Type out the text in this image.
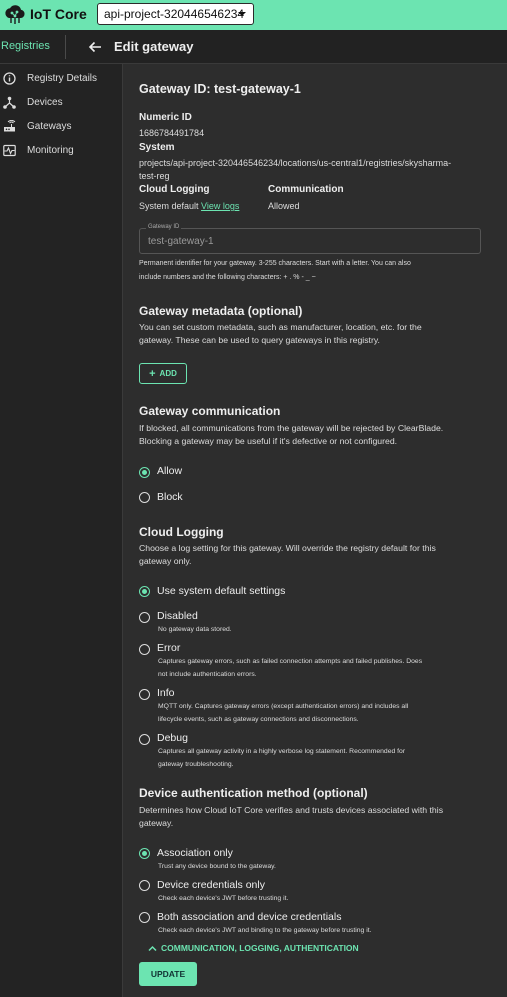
IoT Core api-project-320446546234
Registries	Edit gateway
Registry Details
Devices
Gateways
Monitoring
Gateway ID: test-gateway-1
Numeric ID
1686784491784
System
projects/api-project-320446546234/locations/us-central1/registries/skysharma-
test-reg
Cloud Logging
System default View logs
Communication
Allowed
Gateway ID
test-gateway-1
Permanent identifier for your gateway. 3-255 characters. Start with a letter. You can also
include numbers and the following characters: + . % - _ ~
Gateway metadata (optional)
You can set custom metadata, such as manufacturer, location, etc. for the
gateway. These can be used to query gateways in this registry.
+ ADD
Gateway communication
If blocked, all communications from the gateway will be rejected by ClearBlade.
Blocking a gateway may be useful if it's defective or not configured.
Allow
Block
Cloud Logging
Choose a log setting for this gateway. Will override the registry default for this
gateway only.
Use system default settings
Disabled
No gateway data stored.
Error
Captures gateway errors, such as failed connection attempts and failed publishes. Does
not include authentication errors.
Info
MQTT only. Captures gateway errors (except authentication errors) and includes all
lifecycle events, such as gateway connections and disconnections.
Debug
Captures all gateway activity in a highly verbose log statement. Recommended for
gateway troubleshooting.
Device authentication method (optional)
Determines how Cloud IoT Core verifies and trusts devices associated with this
gateway.
Association only
Trust any device bound to the gateway.
Device credentials only
Check each device's JWT before trusting it.
Both association and device credentials
Check each device's JWT and binding to the gateway before trusting it.
COMMUNICATION, LOGGING, AUTHENTICATION
UPDATE
